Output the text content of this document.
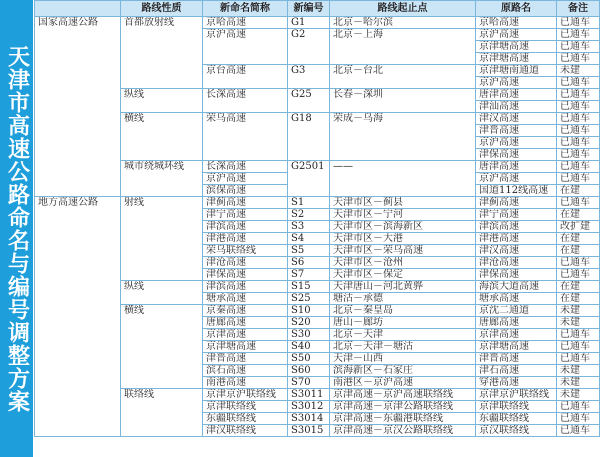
天津市高速公路命名与编号调整方案
	路线性质	新命名简称	新编号	路线起止点	原路名	备注
国家高速公路	首都放射线	京哈高速	G1	北京－哈尔滨	京哈高速	已通车
		京沪高速	G2	北京－上海	京沪高速	已通车
					京津塘高速	已通车
					京津塘高速	已通车
		京台高速	G3	北京－台北	京津塘南通道	未建
					京沪高速	已通车
	纵线	长深高速	G25	长春－深圳	唐津高速	已通车
					津汕高速	已通车
	横线	荣乌高速	G18	荣成－乌海	津汉高速	已通车
					津晋高速	已通车
					京沪高速	已通车
					津保高速	已通车
	城市绕城环线	长深高速	G2501	——	唐津高速	已通车
		京沪高速			京沪高速	已通车
		滨保高速			国道112线高速	在建
地方高速公路	射线	津蓟高速	S1	天津市区－蓟县	津蓟高速	已通车
		津宁高速	S2	天津市区－宁河	津宁高速	在建
		津滨高速	S3	天津市区－滨海新区	津滨高速	改扩建
		津港高速	S4	天津市区－大港	津港高速	在建
		荣乌联络线	S5	天津市区－荣乌高速	津汉高速	在建
		津沧高速	S6	天津市区－沧州	津沧高速	已通车
		津保高速	S7	天津市区－保定	津保高速	已通车
	纵线	津滨高速	S15	天津唐山－河北黄骅	海滨大道高速	在建
		塘承高速	S25	塘沽－承德	塘承高速	在建
	横线	京秦高速	S10	北京－秦皇岛	京沈二通道	未建
		唐廊高速	S20	唐山－廊坊	唐廊高速	未建
		京津高速	S30	北京－天津	京津高速	已通车
		京津塘高速	S40	北京－天津－塘沽	京津塘高速	已通车
		津晋高速	S50	天津－山西	津晋高速	已通车
		滨石高速	S60	滨海新区－石家庄	津石高速	未建
		南港高速	S70	南港区－京沪高速	穿港高速	未建
	联络线	京津京沪联络线	S3011	京津高速－京沪高速联络线	京津京沪联络线	未建
		京津联络线	S3012	京津高速－京津公路联络线	京津联络线	已通车
		东疆联络线	S3014	京津高速－东疆港联络线	东疆联络线	已通车
		津汉联络线	S3015	京津高速－京汉公路联络线	京汉联络线	已通车
